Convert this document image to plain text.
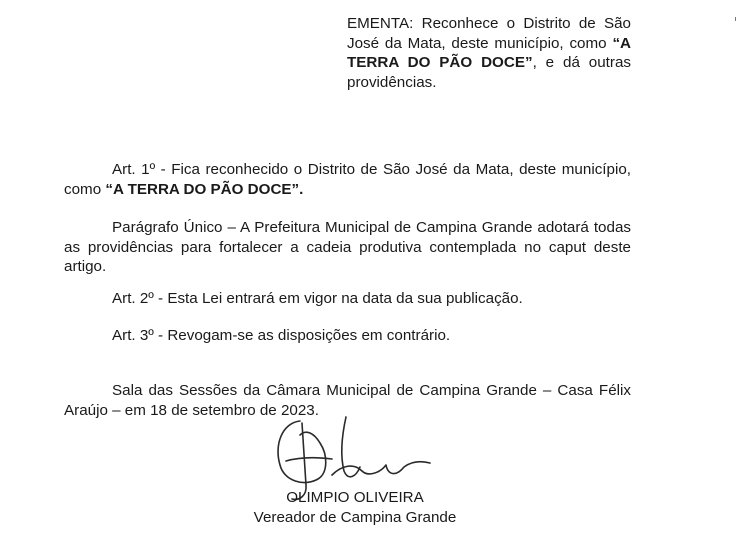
EMENTA: Reconhece o Distrito de São José da Mata, deste município, como “A TERRA DO PÃO DOCE”, e dá outras providências.

Art. 1º - Fica reconhecido o Distrito de São José da Mata, deste município, como “A TERRA DO PÃO DOCE”.

Parágrafo Único – A Prefeitura Municipal de Campina Grande adotará todas as providências para fortalecer a cadeia produtiva contemplada no caput deste artigo.

Art. 2º - Esta Lei entrará em vigor na data da sua publicação.

Art. 3º - Revogam-se as disposições em contrário.

Sala das Sessões da Câmara Municipal de Campina Grande – Casa Félix Araújo – em 18 de setembro de 2023.

OLIMPIO OLIVEIRA
Vereador de Campina Grande
